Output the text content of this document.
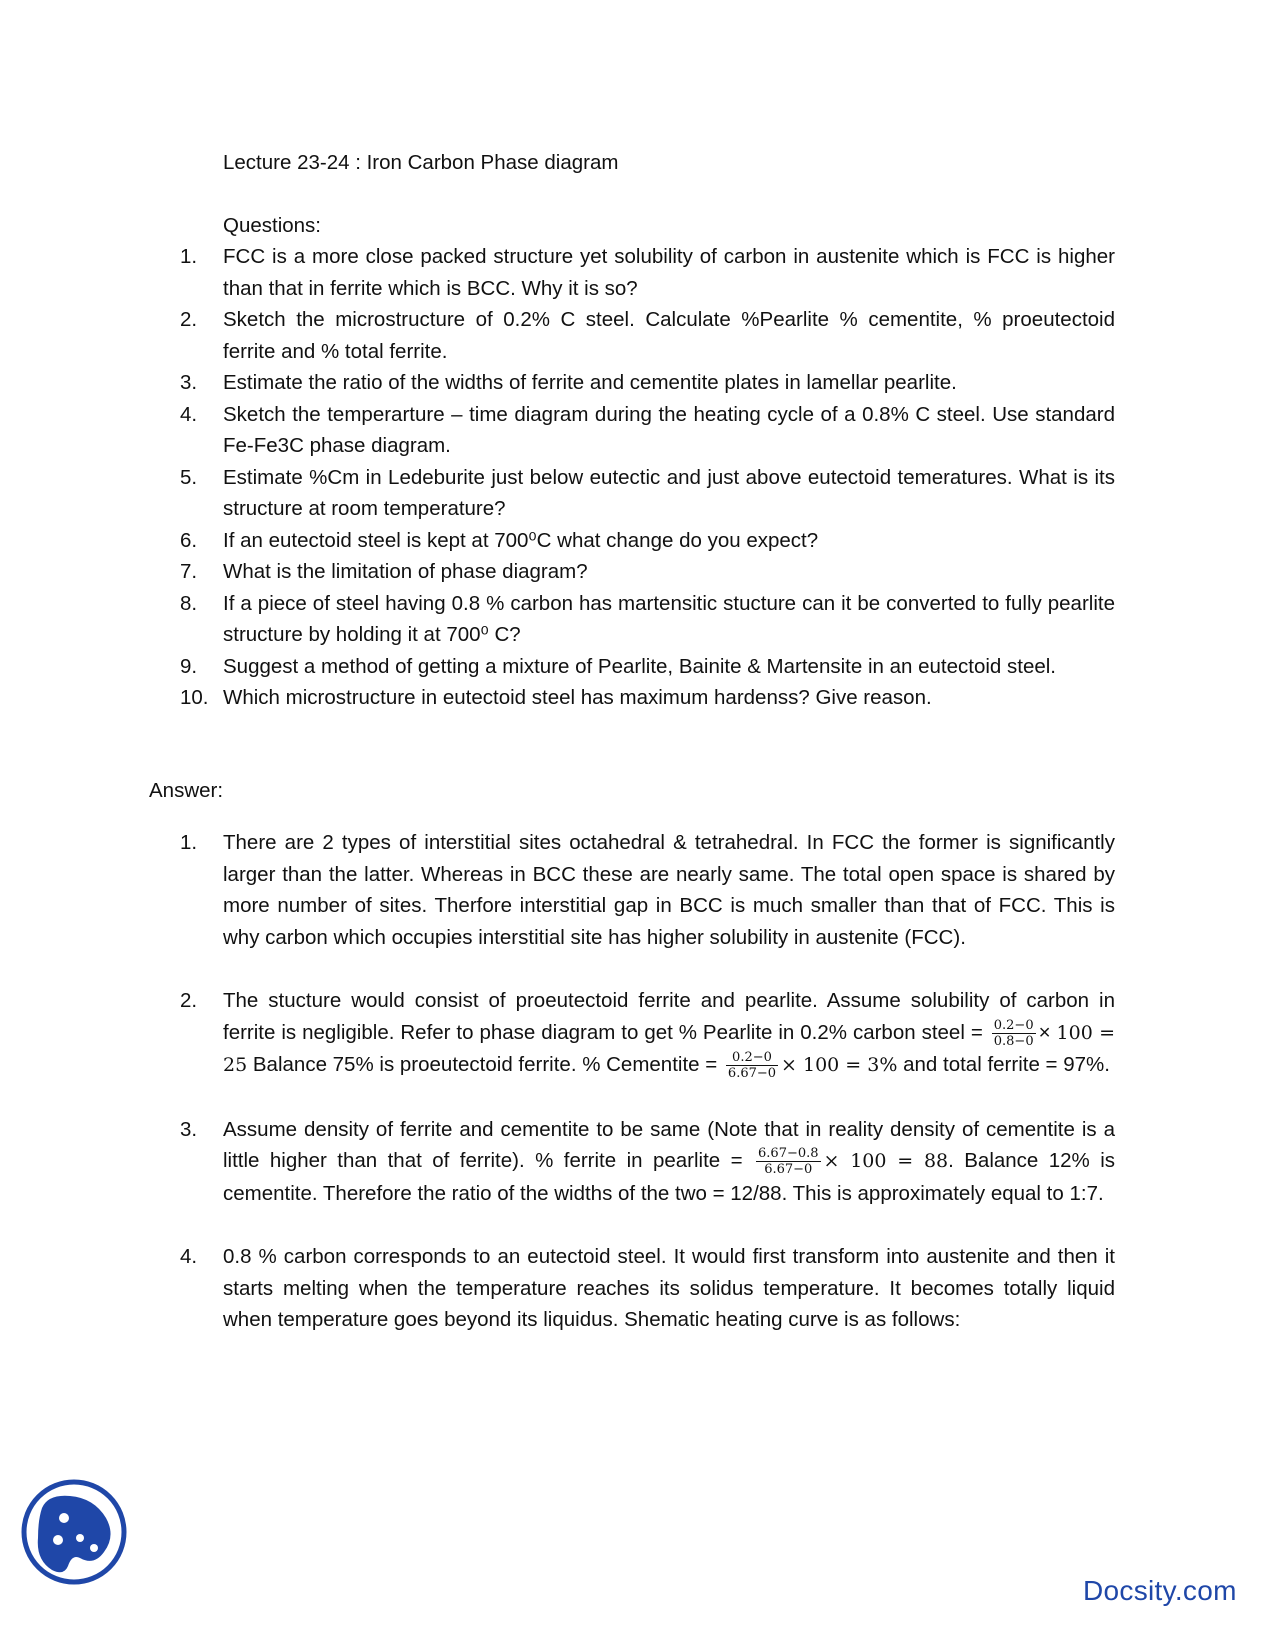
Lecture 23-24 : Iron Carbon Phase diagram
Questions:
1.	FCC is a more close packed structure yet solubility of carbon in austenite which is FCC is higher than that in ferrite which is BCC. Why it is so?
2.	Sketch the microstructure of 0.2% C steel. Calculate %Pearlite % cementite, % proeutectoid ferrite and % total ferrite.
3.	Estimate the ratio of the widths of ferrite and cementite plates in lamellar pearlite.
4.	Sketch the temperarture – time diagram during the heating cycle of a 0.8% C steel. Use standard Fe-Fe3C phase diagram.
5.	Estimate %Cm in Ledeburite just below eutectic and just above eutectoid temeratures. What is its structure at room temperature?
6.	If an eutectoid steel is kept at 700⁰C what change do you expect?
7.	What is the limitation of phase diagram?
8.	If a piece of steel having 0.8 % carbon has martensitic stucture can it be converted to fully pearlite structure by holding it at 700⁰ C?
9.	Suggest a method of getting a mixture of Pearlite, Bainite & Martensite in an eutectoid steel.
10. Which microstructure in eutectoid steel has maximum hardenss? Give reason.
Answer:
1.	There are 2 types of interstitial sites octahedral & tetrahedral. In FCC the former is significantly larger than the latter. Whereas in BCC these are nearly same. The total open space is shared by more number of sites. Therfore interstitial gap in BCC is much smaller than that of FCC. This is why carbon which occupies interstitial site has higher solubility in austenite (FCC).
2.	The stucture would consist of proeutectoid ferrite and pearlite. Assume solubility of carbon in ferrite is negligible. Refer to phase diagram to get % Pearlite in 0.2% carbon steel = $\frac{0.2-0}{0.8-0} \times 100 = 25$ Balance 75% is proeutectoid ferrite. % Cementite = $\frac{0.2-0}{6.67-0} \times 100 = 3\%$ and total ferrite = 97%.
3.	Assume density of ferrite and cementite to be same (Note that in reality density of cementite is a little higher than that of ferrite). % ferrite in pearlite = $\frac{6.67-0.8}{6.67-0} \times 100 = 88$. Balance 12% is cementite. Therefore the ratio of the widths of the two = 12/88. This is approximately equal to 1:7.
4.	0.8 % carbon corresponds to an eutectoid steel. It would first transform into austenite and then it starts melting when the temperature reaches its solidus temperature. It becomes totally liquid when temperature goes beyond its liquidus. Shematic heating curve is as follows:
Docsity.com
